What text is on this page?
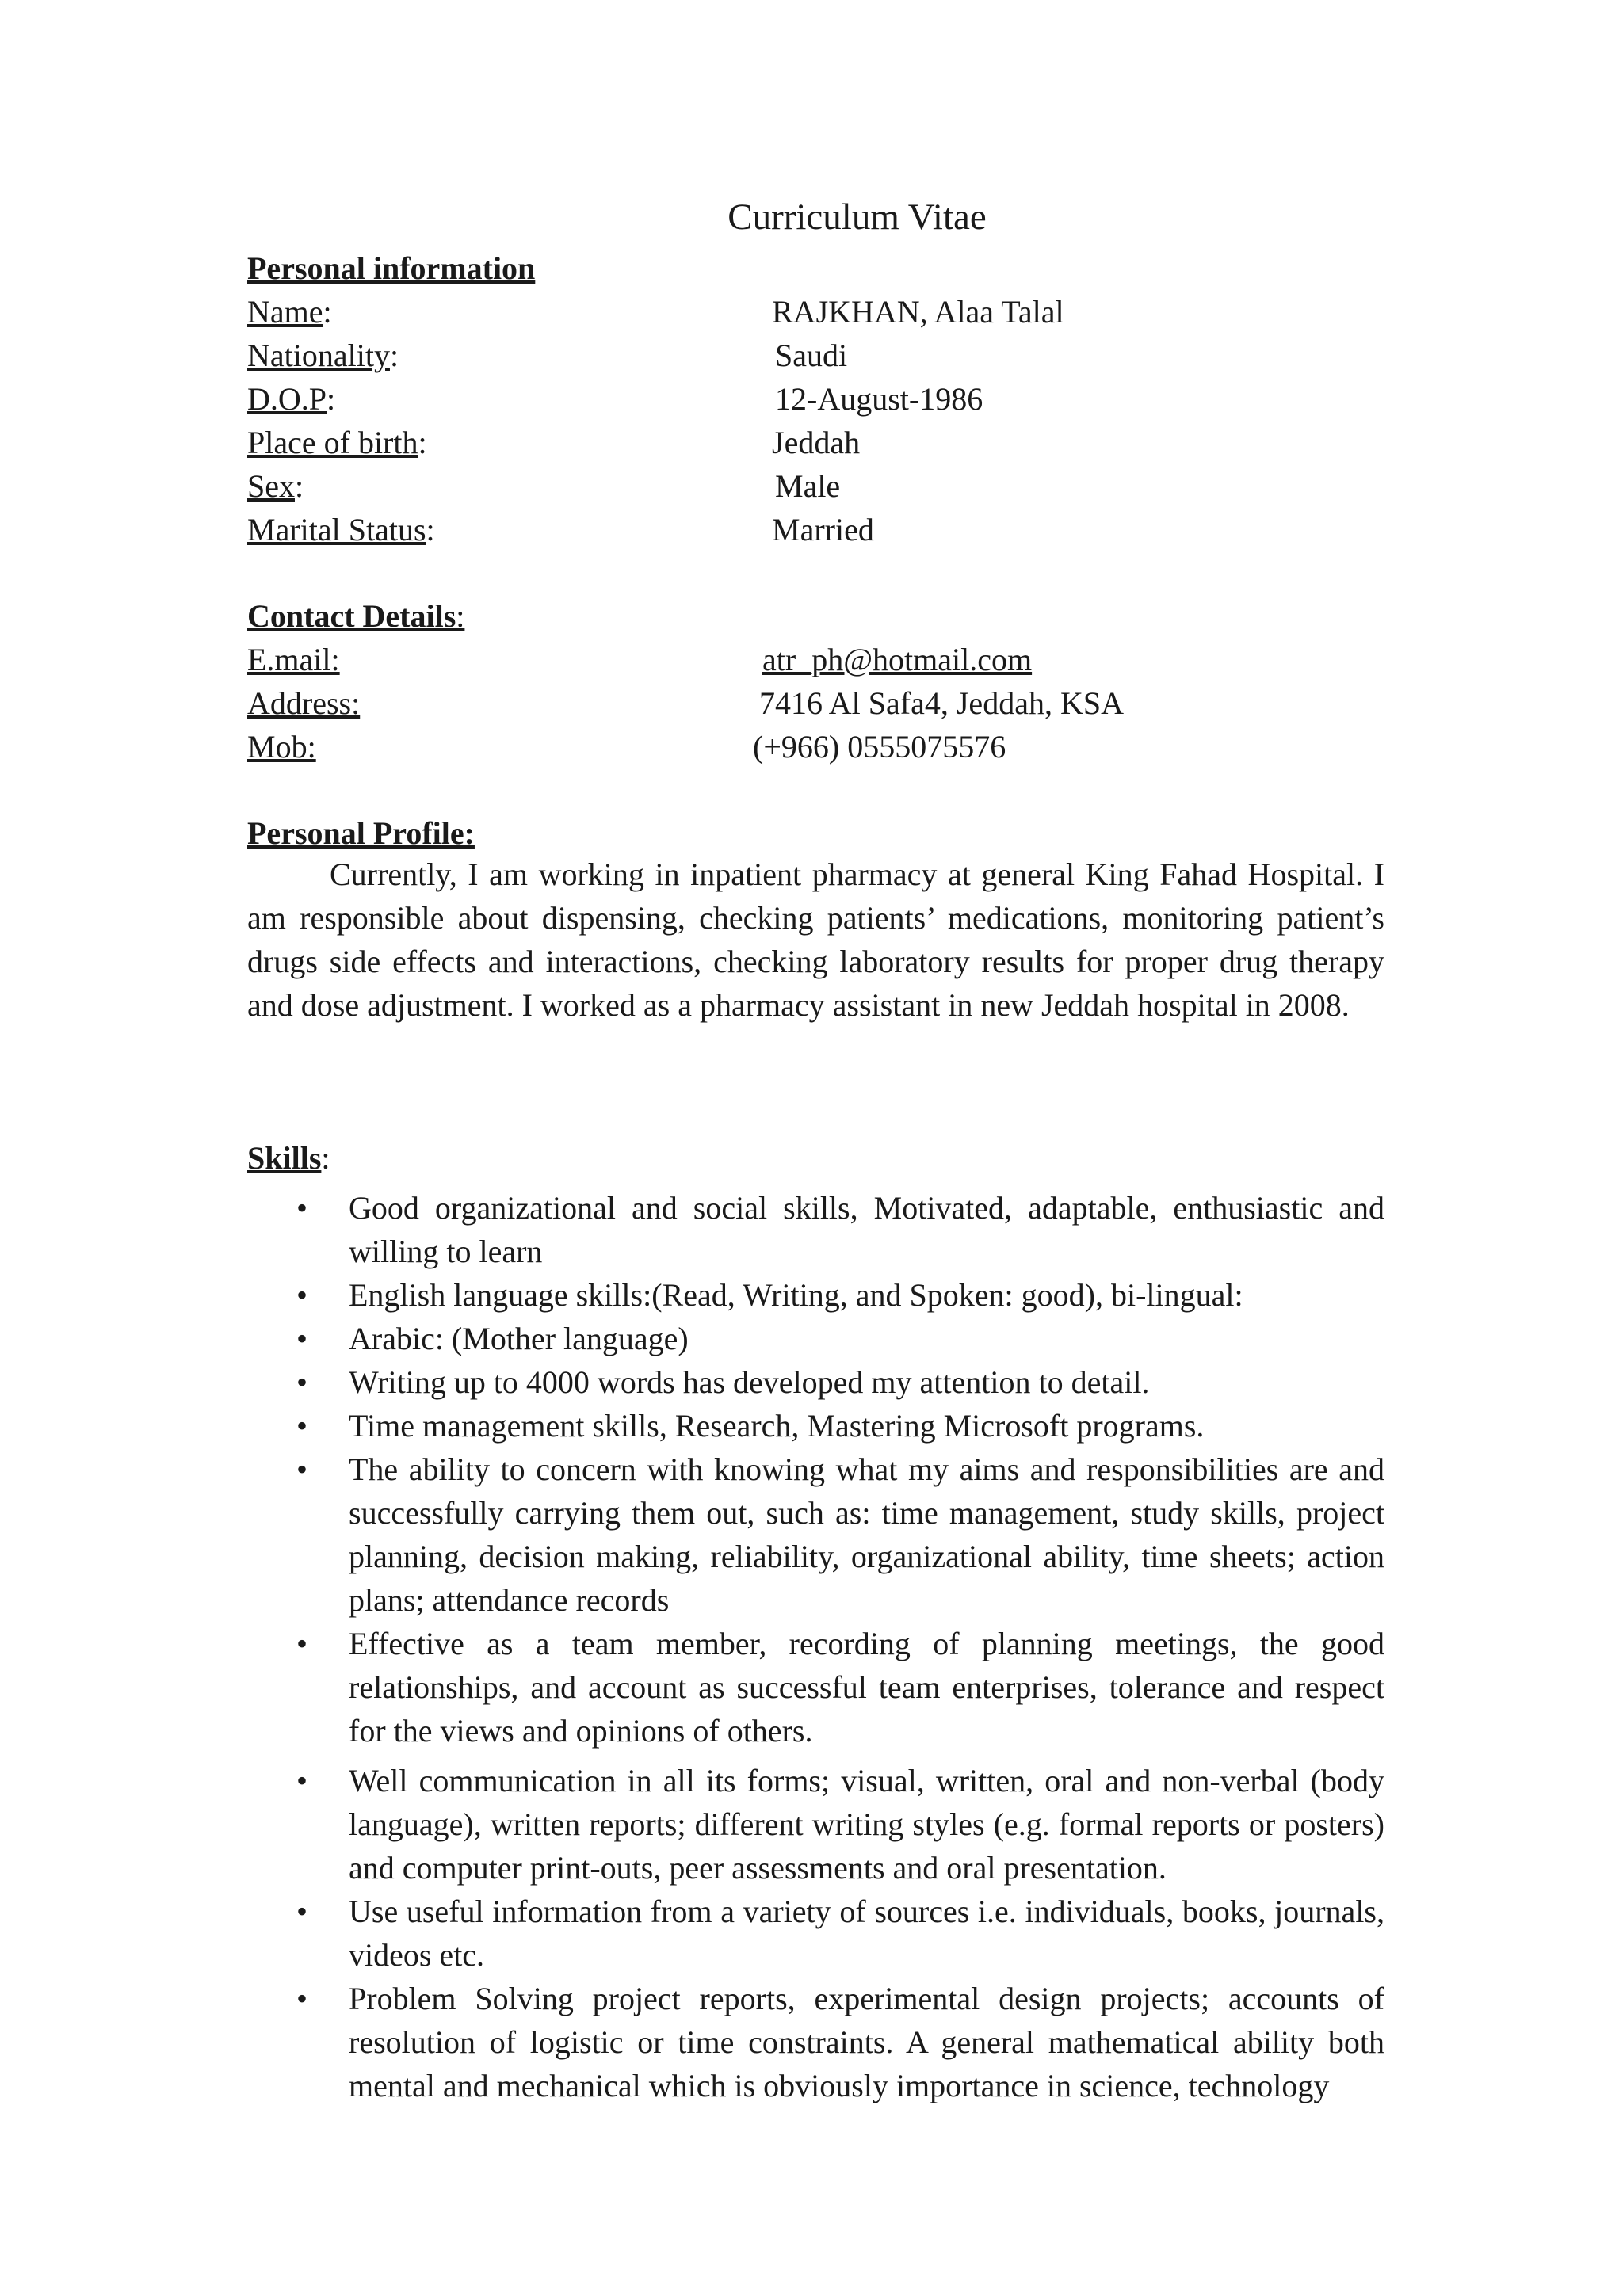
Curriculum Vitae
Personal information
Name:	RAJKHAN, Alaa Talal
Nationality:	Saudi
D.O.P:	12-August-1986
Place of birth:	Jeddah
Sex:	Male
Marital Status:	Married
Contact Details:
E.mail:	atr_ph@hotmail.com
Address:	7416 Al Safa4, Jeddah, KSA
Mob:	(+966) 0555075576
Personal Profile:
Currently, I am working in inpatient pharmacy at general King Fahad Hospital. I am responsible about dispensing, checking patients’ medications, monitoring patient’s drugs side effects and interactions, checking laboratory results for proper drug therapy and dose adjustment. I worked as a pharmacy assistant in new Jeddah hospital in 2008.
Skills:
• Good organizational and social skills, Motivated, adaptable, enthusiastic and willing to learn
• English language skills:(Read, Writing, and Spoken: good), bi-lingual:
• Arabic: (Mother language)
• Writing up to 4000 words has developed my attention to detail.
• Time management skills, Research, Mastering Microsoft programs.
• The ability to concern with knowing what my aims and responsibilities are and successfully carrying them out, such as: time management, study skills, project planning, decision making, reliability, organizational ability, time sheets; action plans; attendance records
• Effective as a team member, recording of planning meetings, the good relationships, and account as successful team enterprises, tolerance and respect for the views and opinions of others.
• Well communication in all its forms; visual, written, oral and non-verbal (body language), written reports; different writing styles (e.g. formal reports or posters) and computer print-outs, peer assessments and oral presentation.
• Use useful information from a variety of sources i.e. individuals, books, journals, videos etc.
• Problem Solving project reports, experimental design projects; accounts of resolution of logistic or time constraints. A general mathematical ability both mental and mechanical which is obviously importance in science, technology
